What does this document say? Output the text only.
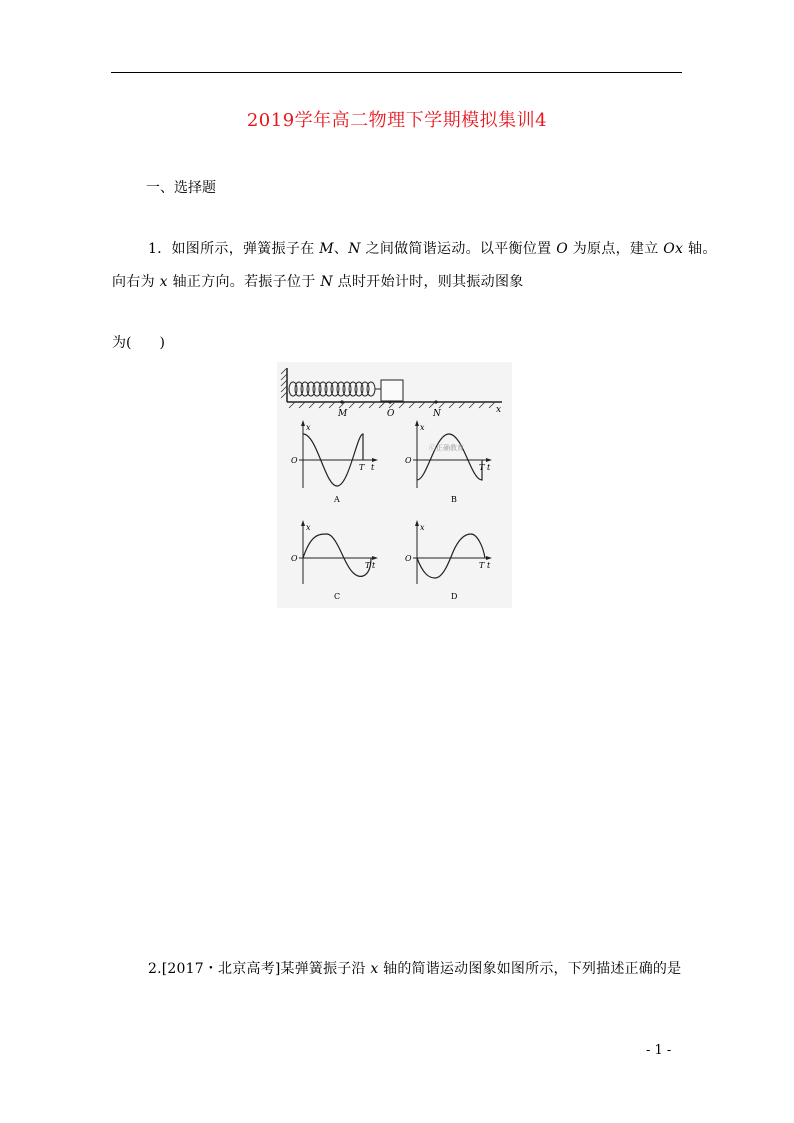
2019学年高二物理下学期模拟集训4
一、选择题
1．如图所示，弹簧振子在 M、N 之间做简谐运动。以平衡位置 O 为原点，建立 Ox 轴。
向右为 x 轴正方向。若振子位于 N 点时开始计时，则其振动图象
为(　　)
M	O	N	x
x
O
T t
A
ⓒ正确教育
x
O
T t
B
x
O
T t
C
x
O
T t
D
2.[2017・北京高考]某弹簧振子沿 x 轴的简谐运动图象如图所示，下列描述正确的是
- 1 -
